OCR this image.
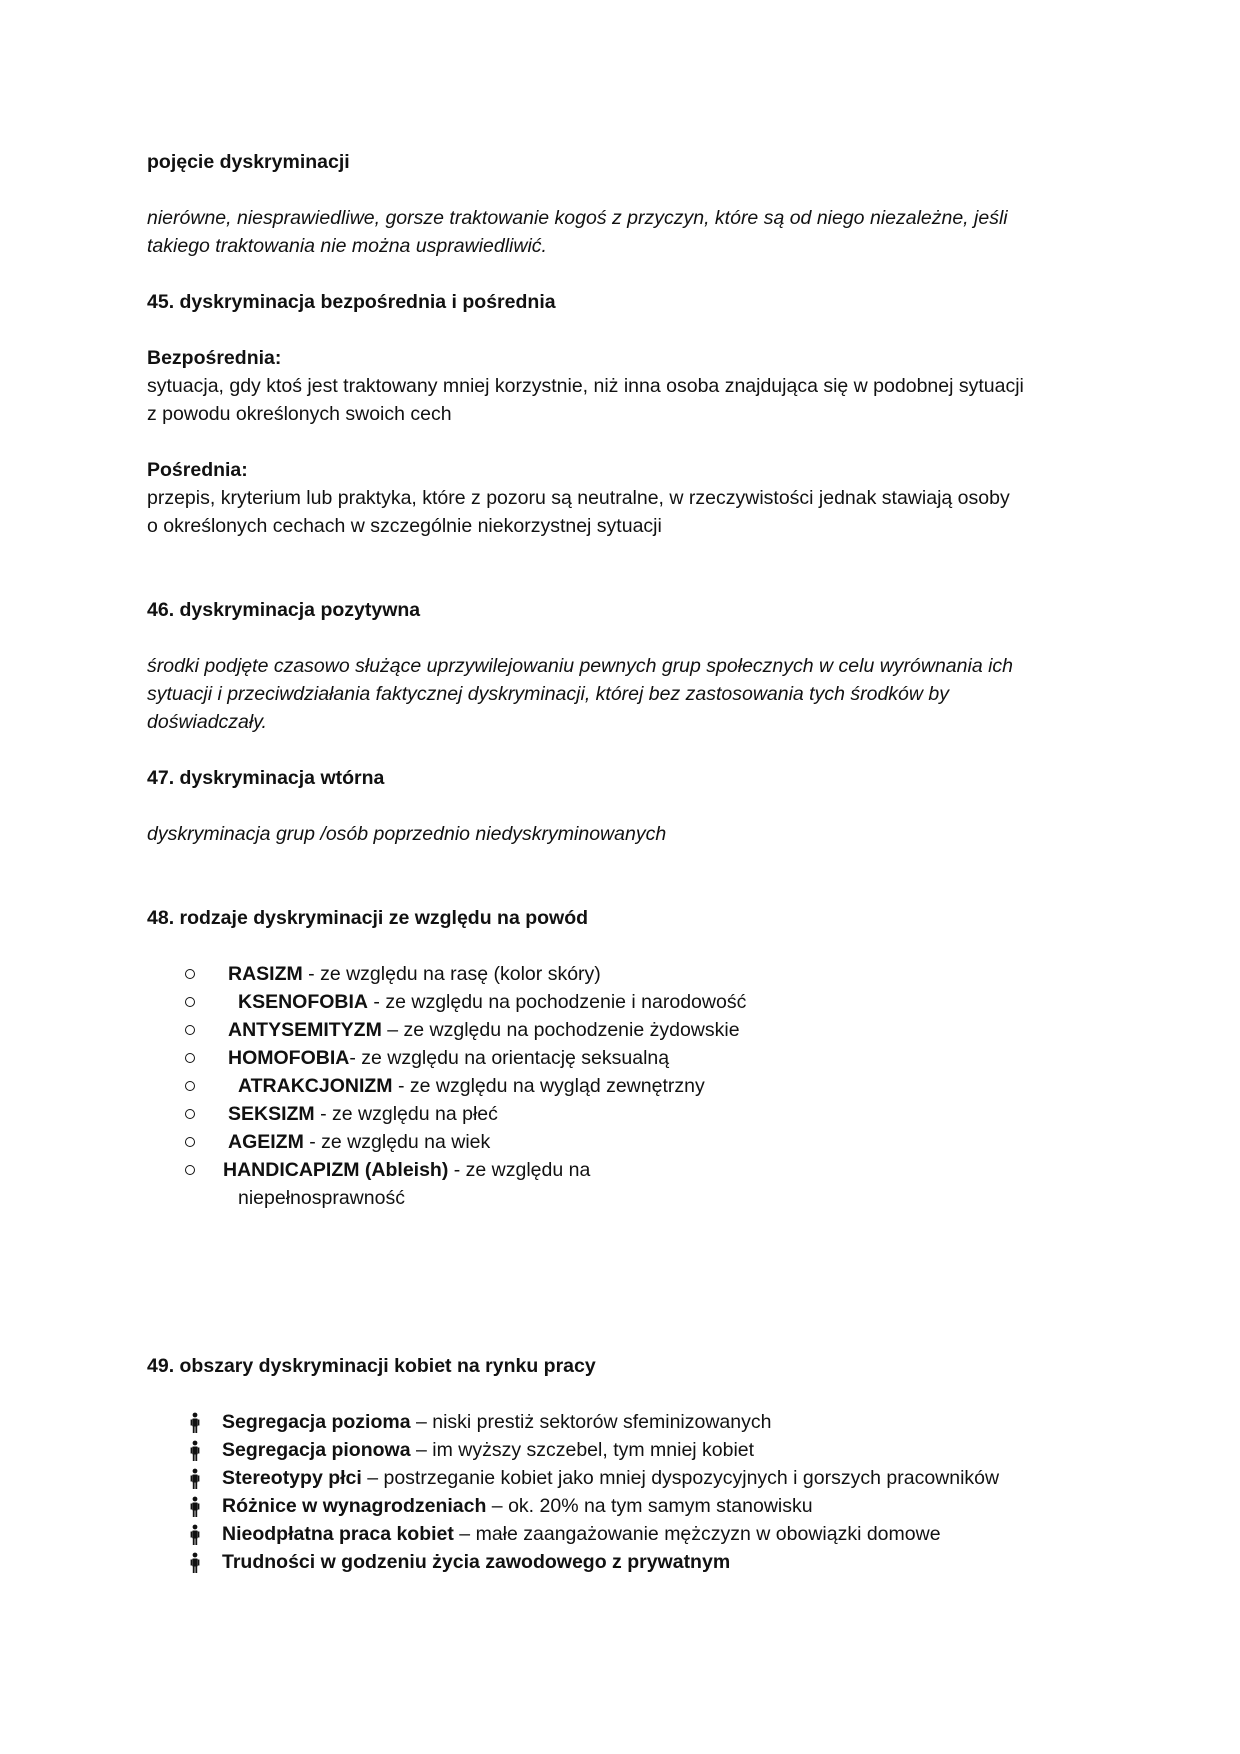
pojęcie dyskryminacji
nierówne, niesprawiedliwe, gorsze traktowanie kogoś z przyczyn, które są od niego niezależne, jeśli
takiego traktowania nie można usprawiedliwić.
45. dyskryminacja bezpośrednia i pośrednia
Bezpośrednia:
sytuacja, gdy ktoś jest traktowany mniej korzystnie, niż inna osoba znajdująca się w podobnej sytuacji
z powodu określonych swoich cech
Pośrednia:
przepis, kryterium lub praktyka, które z pozoru są neutralne, w rzeczywistości jednak stawiają osoby
o określonych cechach w szczególnie niekorzystnej sytuacji
46. dyskryminacja pozytywna
środki podjęte czasowo służące uprzywilejowaniu pewnych grup społecznych w celu wyrównania ich
sytuacji i przeciwdziałania faktycznej dyskryminacji, której bez zastosowania tych środków by
doświadczały.
47. dyskryminacja wtórna
dyskryminacja grup /osób poprzednio niedyskryminowanych
48. rodzaje dyskryminacji ze względu na powód
RASIZM - ze względu na rasę (kolor skóry)
KSENOFOBIA - ze względu na pochodzenie i narodowość
ANTYSEMITYZM – ze względu na pochodzenie żydowskie
HOMOFOBIA- ze względu na orientację seksualną
ATRAKCJONIZM - ze względu na wygląd zewnętrzny
SEKSIZM - ze względu na płeć
AGEIZM - ze względu na wiek
HANDICAPIZM (Ableish) - ze względu na
niepełnosprawność
49. obszary dyskryminacji kobiet na rynku pracy
Segregacja pozioma – niski prestiż sektorów sfeminizowanych
Segregacja pionowa – im wyższy szczebel, tym mniej kobiet
Stereotypy płci – postrzeganie kobiet jako mniej dyspozycyjnych i gorszych pracowników
Różnice w wynagrodzeniach – ok. 20% na tym samym stanowisku
Nieodpłatna praca kobiet – małe zaangażowanie mężczyzn w obowiązki domowe
Trudności w godzeniu życia zawodowego z prywatnym
